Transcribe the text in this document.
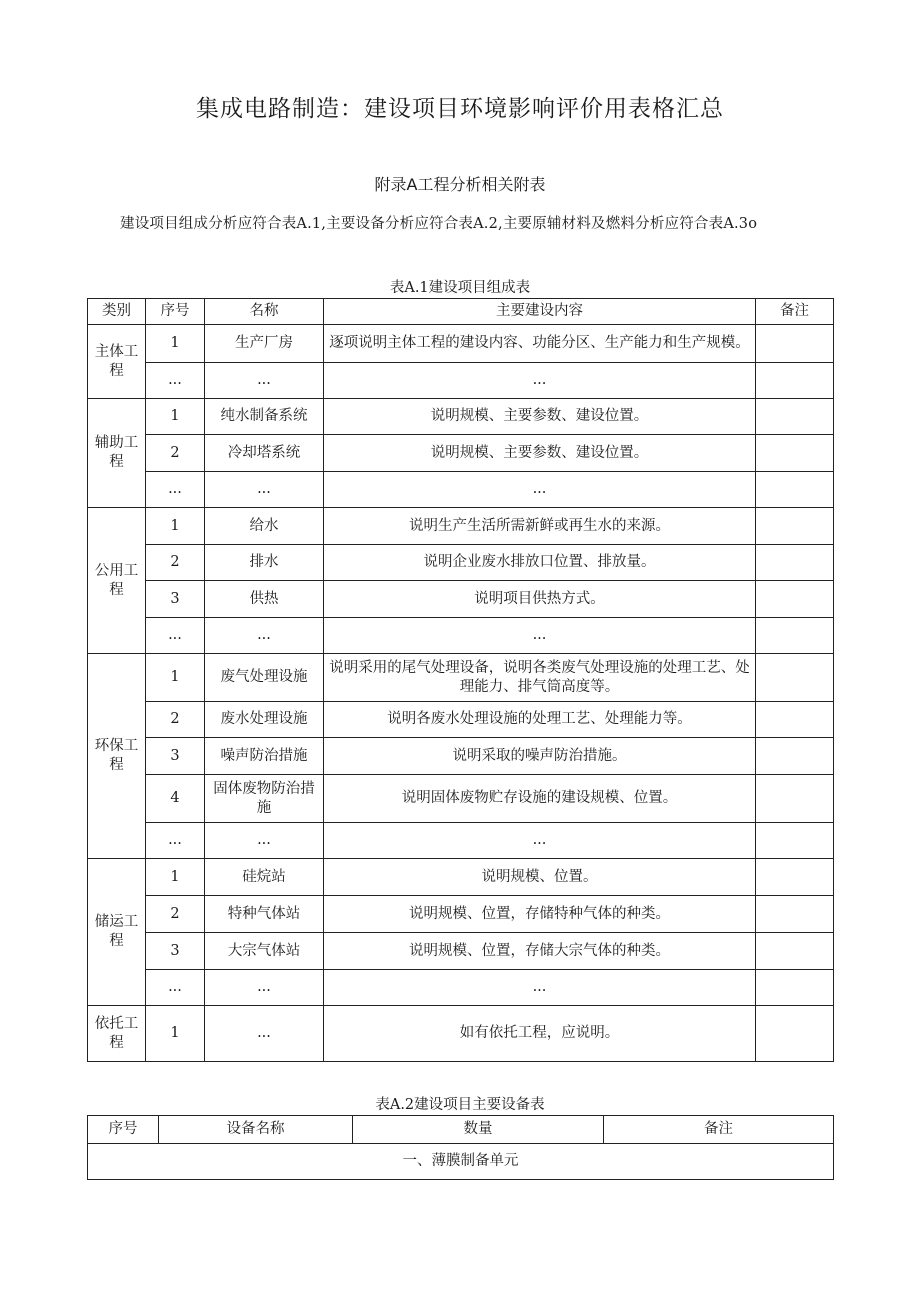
集成电路制造：建设项目环境影响评价用表格汇总
附录A工程分析相关附表

建设项目组成分析应符合表A.1,主要设备分析应符合表A.2,主要原辅材料及燃料分析应符合表A.3o

表A.1建设项目组成表
类别	序号	名称	主要建设内容	备注
主体工程	1	生产厂房	逐项说明主体工程的建设内容、功能分区、生产能力和生产规模。	
	...	...	...	
辅助工程	1	纯水制备系统	说明规模、主要参数、建设位置。	
	2	冷却塔系统	说明规模、主要参数、建设位置。	
	...	...	...	
公用工程	1	给水	说明生产生活所需新鲜或再生水的来源。	
	2	排水	说明企业废水排放口位置、排放量。	
	3	供热	说明项目供热方式。	
	...	...	...	
环保工程	1	废气处理设施	说明采用的尾气处理设备，说明各类废气处理设施的处理工艺、处理能力、排气筒高度等。	
	2	废水处理设施	说明各废水处理设施的处理工艺、处理能力等。	
	3	噪声防治措施	说明采取的噪声防治措施。	
	4	固体废物防治措施	说明固体废物贮存设施的建设规模、位置。	
	...	...	...	
储运工程	1	硅烷站	说明规模、位置。	
	2	特种气体站	说明规模、位置，存储特种气体的种类。	
	3	大宗气体站	说明规模、位置，存储大宗气体的种类。	
	...	...	...	
依托工程	1	...	如有依托工程，应说明。	
表A.2建设项目主要设备表
序号	设备名称	数量	备注
一、薄膜制备单元
